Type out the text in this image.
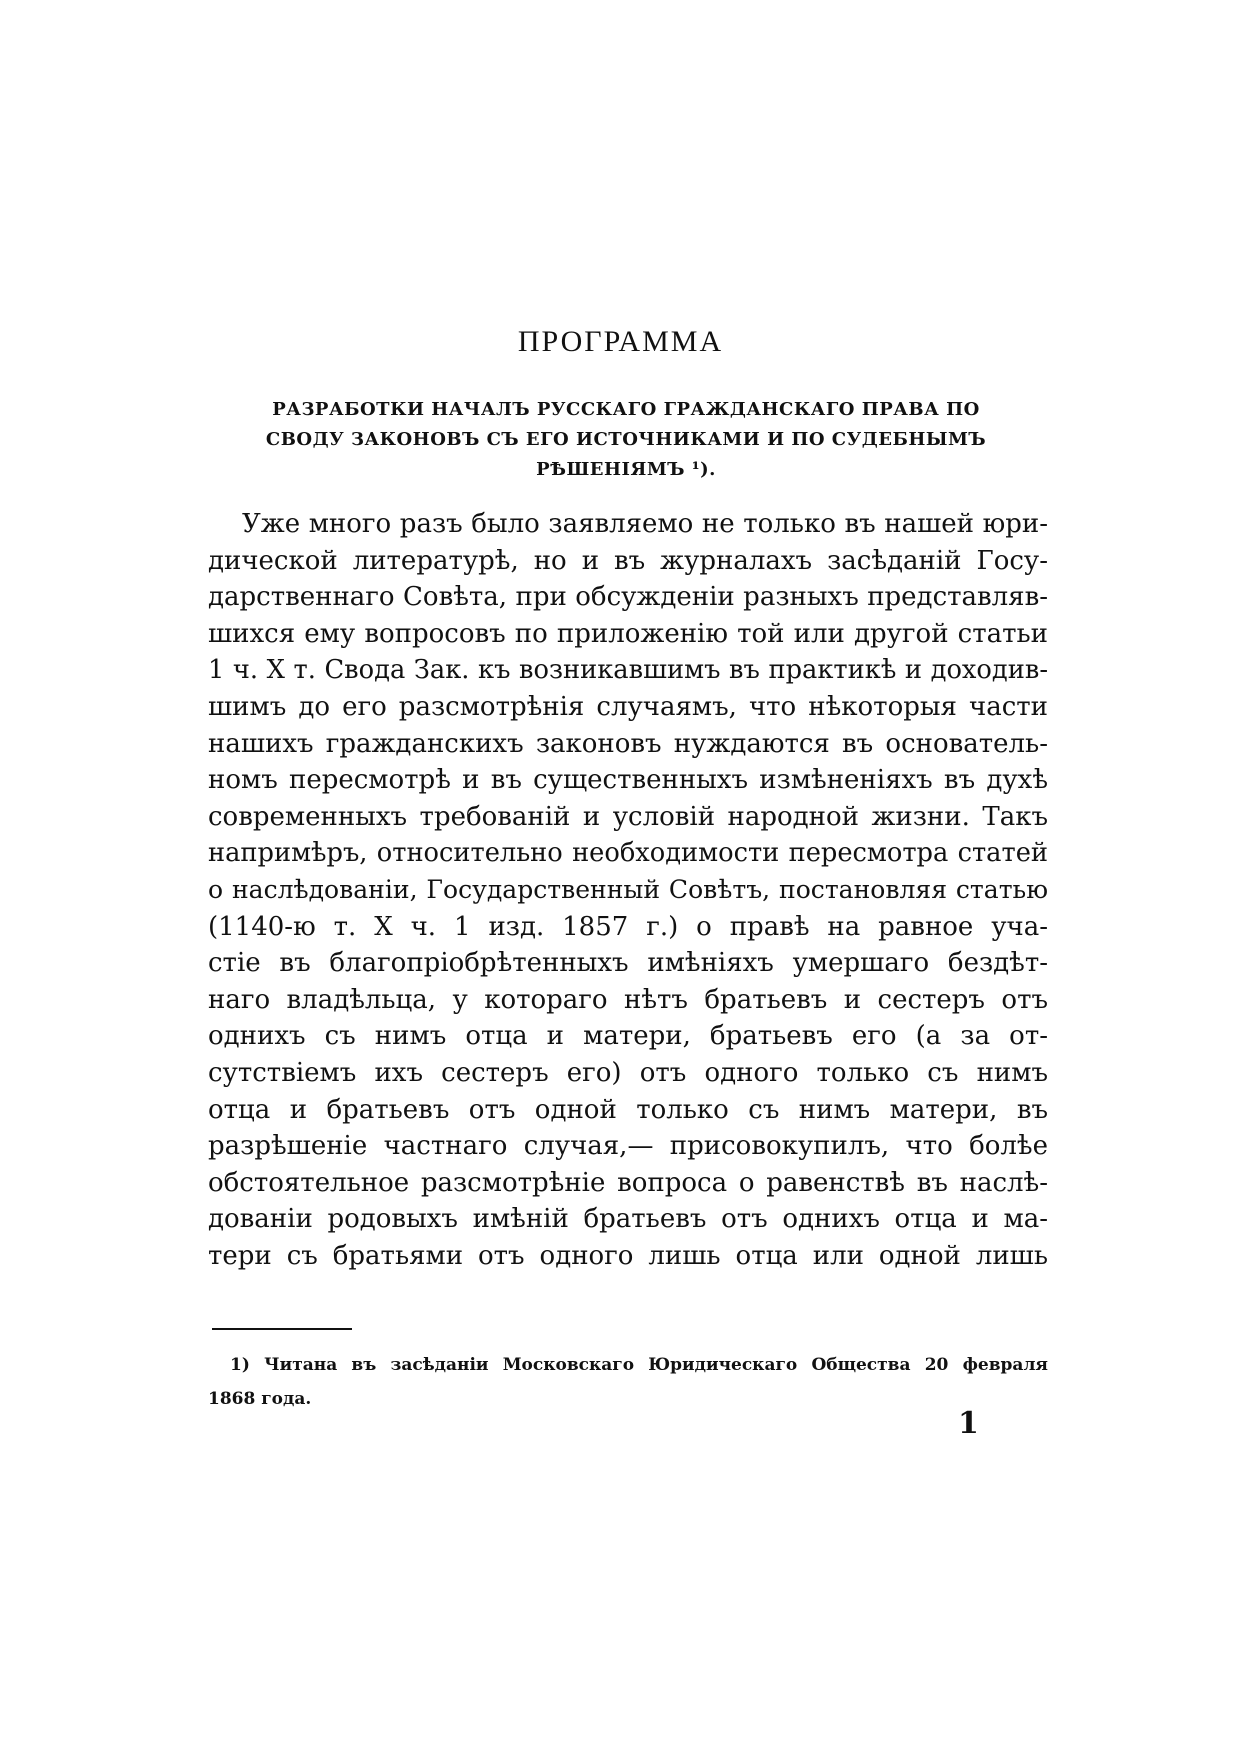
ПРОГРАММА
РАЗРАБОТКИ НАЧАЛЪ РУССКАГО ГРАЖДАНСКАГО ПРАВА ПО
СВОДУ ЗАКОНОВЪ СЪ ЕГО ИСТОЧНИКАМИ И ПО СУДЕБНЫМЪ
РѢШЕНІЯМЪ ¹).
Уже много разъ было заявляемо не только въ нашей юри-
дической литературѣ, но и въ журналахъ засѣданій Госу-
дарственнаго Совѣта, при обсужденіи разныхъ представляв-
шихся ему вопросовъ по приложенію той или другой статьи
1 ч. X т. Свода Зак. къ возникавшимъ въ практикѣ и доходив-
шимъ до его разсмотрѣнія случаямъ, что нѣкоторыя части
нашихъ гражданскихъ законовъ нуждаются въ основатель-
номъ пересмотрѣ и въ существенныхъ измѣненіяхъ въ духѣ
современныхъ требованій и условій народной жизни. Такъ
напримѣръ, относительно необходимости пересмотра статей
о наслѣдованіи, Государственный Совѣтъ, постановляя статью
(1140-ю т. X ч. 1 изд. 1857 г.) о правѣ на равное уча-
стіе въ благопріобрѣтенныхъ имѣніяхъ умершаго бездѣт-
наго владѣльца, у котораго нѣтъ братьевъ и сестеръ отъ
однихъ съ нимъ отца и матери, братьевъ его (а за от-
сутствіемъ ихъ сестеръ его) отъ одного только съ нимъ
отца и братьевъ отъ одной только съ нимъ матери, въ
разрѣшеніе частнаго случая,— присовокупилъ, что болѣе
обстоятельное разсмотрѣніе вопроса о равенствѣ въ наслѣ-
дованіи родовыхъ имѣній братьевъ отъ однихъ отца и ма-
тери съ братьями отъ одного лишь отца или одной лишь
1) Читана въ засѣданіи Московскаго Юридическаго Общества 20 февраля
1868 года.
1
